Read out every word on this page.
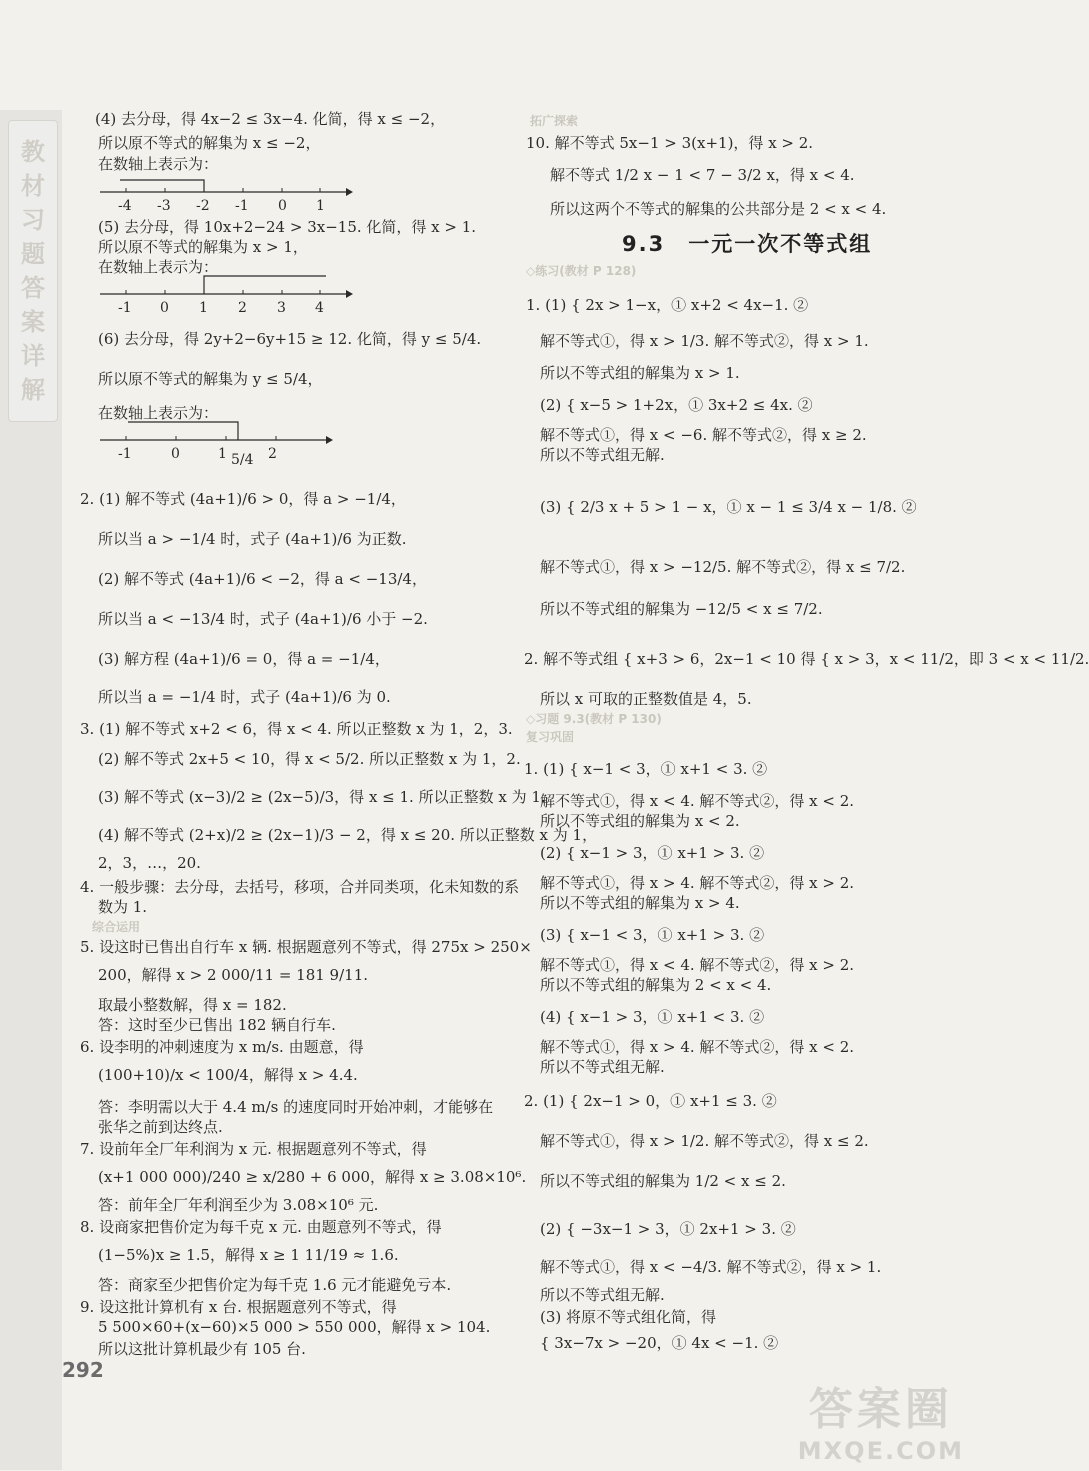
教
材
习
题
答
案
详
解
(4) 去分母，得 4x−2 ≤ 3x−4. 化简，得 x ≤ −2，
所以原不等式的解集为 x ≤ −2，
在数轴上表示为：
-4 -3 -2 -1 0 1
(5) 去分母，得 10x+2−24 > 3x−15. 化简，得 x > 1.
所以原不等式的解集为 x > 1，
在数轴上表示为：
-1 0 1 2 3 4
(6) 去分母，得 2y+2−6y+15 ≥ 12. 化简，得 y ≤ 5/4.
所以原不等式的解集为 y ≤ 5/4，
在数轴上表示为：
-1	0	1 5/4 2
2. (1) 解不等式 (4a+1)/6 > 0，得 a > −1/4，
所以当 a > −1/4 时，式子 (4a+1)/6 为正数.
(2) 解不等式 (4a+1)/6 < −2，得 a < −13/4，
所以当 a < −13/4 时，式子 (4a+1)/6 小于 −2.
(3) 解方程 (4a+1)/6 = 0，得 a = −1/4，
所以当 a = −1/4 时，式子 (4a+1)/6 为 0.
3. (1) 解不等式 x+2 < 6，得 x < 4. 所以正整数 x 为 1，2，3.
(2) 解不等式 2x+5 < 10，得 x < 5/2. 所以正整数 x 为 1，2.
(3) 解不等式 (x−3)/2 ≥ (2x−5)/3，得 x ≤ 1. 所以正整数 x 为 1.
(4) 解不等式 (2+x)/2 ≥ (2x−1)/3 − 2，得 x ≤ 20. 所以正整数 x 为 1，
2，3，…，20.
4. 一般步骤：去分母，去括号，移项，合并同类项，化未知数的系
数为 1.
综合运用
5. 设这时已售出自行车 x 辆. 根据题意列不等式，得 275x > 250×
200，解得 x > 2 000/11 = 181 9/11.
取最小整数解，得 x = 182.
答：这时至少已售出 182 辆自行车.
6. 设李明的冲刺速度为 x m/s. 由题意，得
(100+10)/x < 100/4，解得 x > 4.4.
答：李明需以大于 4.4 m/s 的速度同时开始冲刺，才能够在
张华之前到达终点.
7. 设前年全厂年利润为 x 元. 根据题意列不等式，得
(x+1 000 000)/240 ≥ x/280 + 6 000，解得 x ≥ 3.08×10⁶.
答：前年全厂年利润至少为 3.08×10⁶ 元.
8. 设商家把售价定为每千克 x 元. 由题意列不等式，得
(1−5%)x ≥ 1.5，解得 x ≥ 1 11/19 ≈ 1.6.
答：商家至少把售价定为每千克 1.6 元才能避免亏本.
9. 设这批计算机有 x 台. 根据题意列不等式，得
5 500×60+(x−60)×5 000 > 550 000，解得 x > 104.
所以这批计算机最少有 105 台.
292
拓广探索
10. 解不等式 5x−1 > 3(x+1)，得 x > 2.
解不等式 1/2 x − 1 < 7 − 3/2 x，得 x < 4.
所以这两个不等式的解集的公共部分是 2 < x < 4.
9.3　一元一次不等式组
◇练习(教材 P 128)
1. (1) { 2x > 1−x，① x+2 < 4x−1. ②
解不等式①，得 x > 1/3. 解不等式②，得 x > 1.
所以不等式组的解集为 x > 1.
(2) { x−5 > 1+2x，① 3x+2 ≤ 4x. ②
解不等式①，得 x < −6. 解不等式②，得 x ≥ 2.
所以不等式组无解.
(3) { 2/3 x + 5 > 1 − x，① x − 1 ≤ 3/4 x − 1/8. ②
解不等式①，得 x > −12/5. 解不等式②，得 x ≤ 7/2.
所以不等式组的解集为 −12/5 < x ≤ 7/2.
2. 解不等式组 { x+3 > 6，2x−1 < 10 得 { x > 3，x < 11/2，即 3 < x < 11/2.
所以 x 可取的正整数值是 4，5.
◇习题 9.3(教材 P 130)
复习巩固
1. (1) { x−1 < 3，① x+1 < 3. ②
解不等式①，得 x < 4. 解不等式②，得 x < 2.
所以不等式组的解集为 x < 2.
(2) { x−1 > 3，① x+1 > 3. ②
解不等式①，得 x > 4. 解不等式②，得 x > 2.
所以不等式组的解集为 x > 4.
(3) { x−1 < 3，① x+1 > 3. ②
解不等式①，得 x < 4. 解不等式②，得 x > 2.
所以不等式组的解集为 2 < x < 4.
(4) { x−1 > 3，① x+1 < 3. ②
解不等式①，得 x > 4. 解不等式②，得 x < 2.
所以不等式组无解.
2. (1) { 2x−1 > 0，① x+1 ≤ 3. ②
解不等式①，得 x > 1/2. 解不等式②，得 x ≤ 2.
所以不等式组的解集为 1/2 < x ≤ 2.
(2) { −3x−1 > 3，① 2x+1 > 3. ②
解不等式①，得 x < −4/3. 解不等式②，得 x > 1.
所以不等式组无解.
(3) 将原不等式组化简，得
{ 3x−7x > −20，① 4x < −1. ②
答案圈
MXQE.COM
